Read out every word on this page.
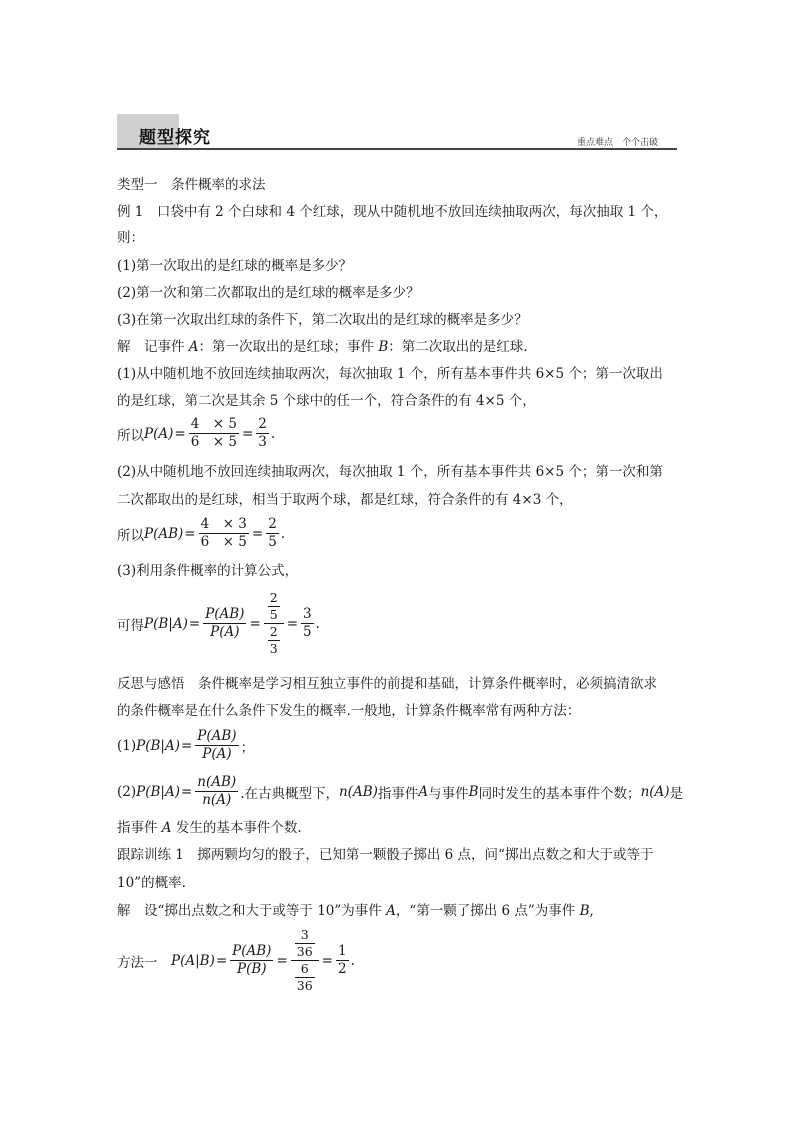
题型探究	重点难点　个个击破
类型一　条件概率的求法
例 1　口袋中有 2 个白球和 4 个红球，现从中随机地不放回连续抽取两次，每次抽取 1 个，
则：
(1)第一次取出的是红球的概率是多少？
(2)第一次和第二次都取出的是红球的概率是多少？
(3)在第一次取出红球的条件下，第二次取出的是红球的概率是多少？
解　记事件 A：第一次取出的是红球；事件 B：第二次取出的是红球.
(1)从中随机地不放回连续抽取两次，每次抽取 1 个，所有基本事件共 6×5 个；第一次取出
的是红球，第二次是其余 5 个球中的任一个，符合条件的有 4×5 个，
所以 $P(A) = \frac{4 \times 5}{6 \times 5} = \frac{2}{3}$ .
(2)从中随机地不放回连续抽取两次，每次抽取 1 个，所有基本事件共 6×5 个；第一次和第
二次都取出的是红球，相当于取两个球，都是红球，符合条件的有 4×3 个，
所以 $P(AB) = \frac{4 \times 3}{6 \times 5} = \frac{2}{5}$ .
(3)利用条件概率的计算公式，
可得 $P(B|A) = \frac{P(AB)}{P(A)} = \frac{\frac{2}{5}}{\frac{2}{3}} = \frac{3}{5}$ .
反思与感悟　条件概率是学习相互独立事件的前提和基础，计算条件概率时，必须搞清欲求
的条件概率是在什么条件下发生的概率.一般地，计算条件概率常有两种方法：
(1) $P(B|A) = \frac{P(AB)}{P(A)}$ ；
(2) $P(B|A) = \frac{n(AB)}{n(A)}$ .在古典概型下， n(AB) 指事件 A 与事件 B 同时发生的基本事件个数； n(A) 是
指事件 A 发生的基本事件个数.
跟踪训练 1　掷两颗均匀的骰子，已知第一颗骰子掷出 6 点，问“掷出点数之和大于或等于
10”的概率.
解　设“掷出点数之和大于或等于 10”为事件 A，“第一颗了掷出 6 点”为事件 B,
方法一　 $P(A|B) = \frac{P(AB)}{P(B)} = \frac{\frac{3}{36}}{\frac{6}{36}} = \frac{1}{2}$ .
